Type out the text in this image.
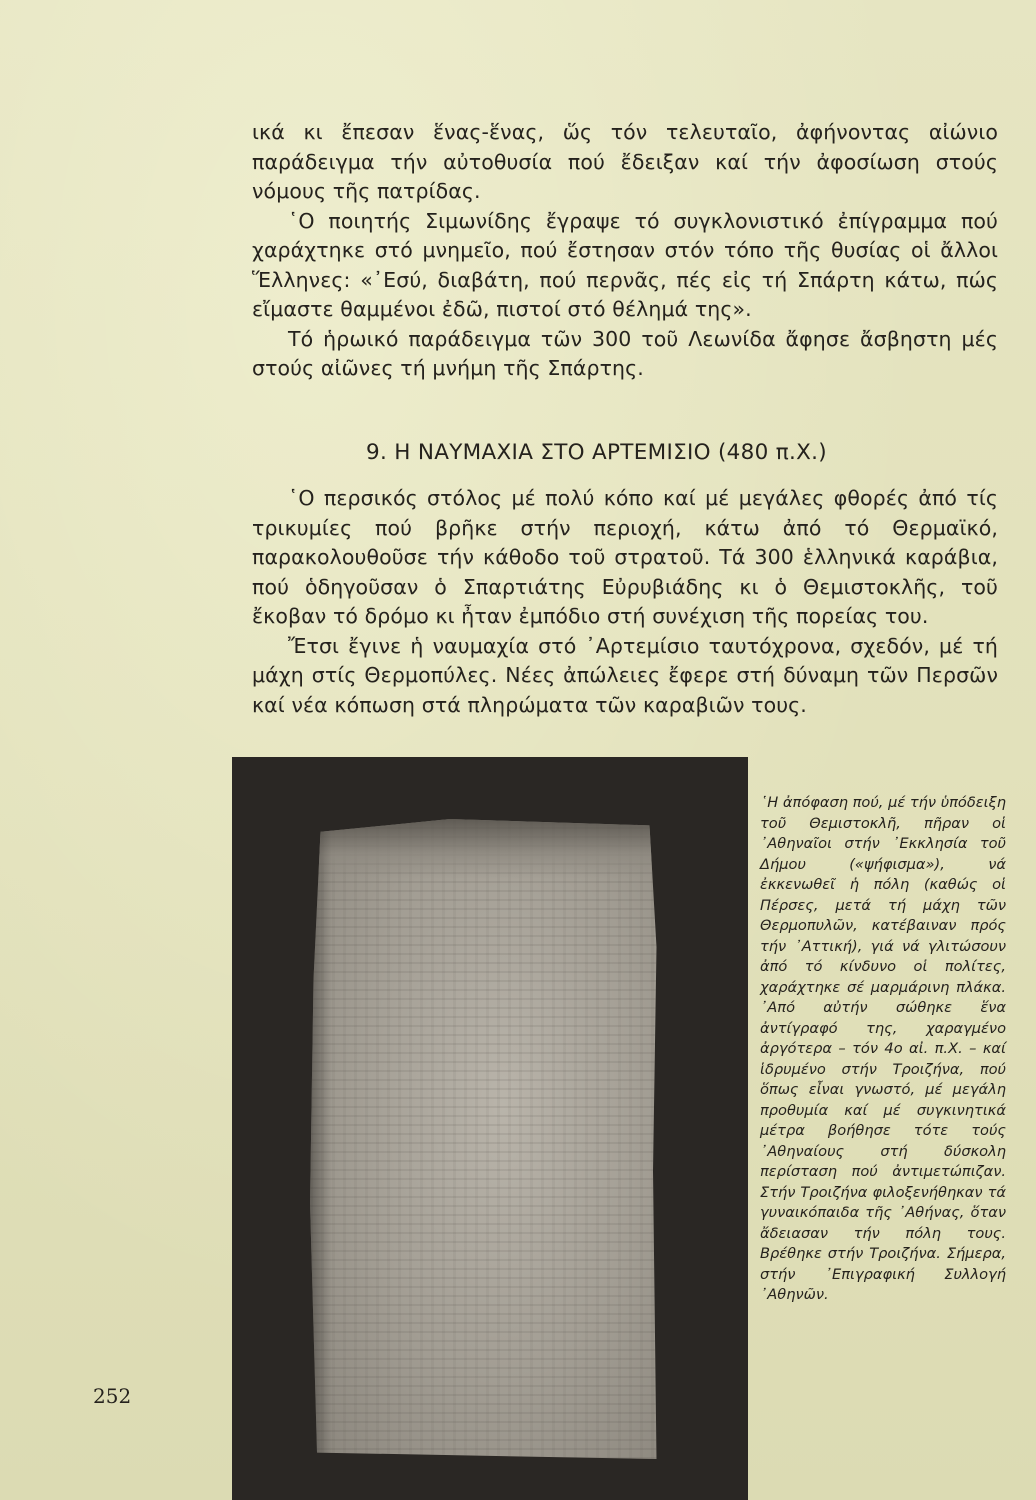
ικά κι ἔπεσαν ἕνας-ἕνας, ὥς τόν τελευταῖο, ἀφήνοντας αἰώνιο παράδειγμα τήν αὐτοθυσία πού ἔδειξαν καί τήν ἀφοσίωση στούς νόμους τῆς πατρίδας.

῾Ο ποιητής Σιμωνίδης ἔγραψε τό συγκλονιστικό ἐπίγραμμα πού χαράχτηκε στό μνημεῖο, πού ἔστησαν στόν τόπο τῆς θυσίας οἱ ἄλλοι Ἕλληνες: «᾿Εσύ, διαβάτη, πού περνᾶς, πές εἰς τή Σπάρτη κάτω, πώς εἴμαστε θαμμένοι ἐδῶ, πιστοί στό θέλημά της».

Τό ἡρωικό παράδειγμα τῶν 300 τοῦ Λεωνίδα ἄφησε ἄσβηστη μές στούς αἰῶνες τή μνήμη τῆς Σπάρτης.

9. Η ΝΑΥΜΑΧΙΑ ΣΤΟ ΑΡΤΕΜΙΣΙΟ (480 π.Χ.)

῾Ο περσικός στόλος μέ πολύ κόπο καί μέ μεγάλες φθορές ἀπό τίς τρικυμίες πού βρῆκε στήν περιοχή, κάτω ἀπό τό Θερμαϊκό, παρακολουθοῦσε τήν κάθοδο τοῦ στρατοῦ. Τά 300 ἑλληνικά καράβια, πού ὁδηγοῦσαν ὁ Σπαρτιάτης Εὐρυβιάδης κι ὁ Θεμιστοκλῆς, τοῦ ἔκοβαν τό δρόμο κι ἦταν ἐμπόδιο στή συνέχιση τῆς πορείας του.

Ἔτσι ἔγινε ἡ ναυμαχία στό ᾿Αρτεμίσιο ταυτόχρονα, σχεδόν, μέ τή μάχη στίς Θερμοπύλες. Νέες ἀπώλειες ἔφερε στή δύναμη τῶν Περσῶν καί νέα κόπωση στά πληρώματα τῶν καραβιῶν τους.

῾Η ἀπόφαση πού, μέ τήν ὑπόδειξη τοῦ Θεμιστοκλῆ, πῆραν οἱ ᾿Αθηναῖοι στήν ᾿Εκκλησία τοῦ Δήμου («ψήφισμα»), νά ἐκκενωθεῖ ἡ πόλη (καθώς οἱ Πέρσες, μετά τή μάχη τῶν Θερμοπυλῶν, κατέβαιναν πρός τήν ᾿Αττική), γιά νά γλιτώσουν ἀπό τό κίνδυνο οἱ πολίτες, χαράχτηκε σέ μαρμάρινη πλάκα. ᾿Από αὐτήν σώθηκε ἕνα ἀντίγραφό της, χαραγμένο ἀργότερα – τόν 4ο αἰ. π.Χ. – καί ἱδρυμένο στήν Τροιζήνα, πού ὅπως εἶναι γνωστό, μέ μεγάλη προθυμία καί μέ συγκινητικά μέτρα βοήθησε τότε τούς ᾿Αθηναίους στή δύσκολη περίσταση πού ἀντιμετώπιζαν. Στήν Τροιζήνα φιλοξενήθηκαν τά γυναικόπαιδα τῆς ᾿Αθήνας, ὅταν ἄδειασαν τήν πόλη τους. Βρέθηκε στήν Τροιζήνα. Σήμερα, στήν ᾿Επιγραφική Συλλογή ᾿Αθηνῶν.

252
